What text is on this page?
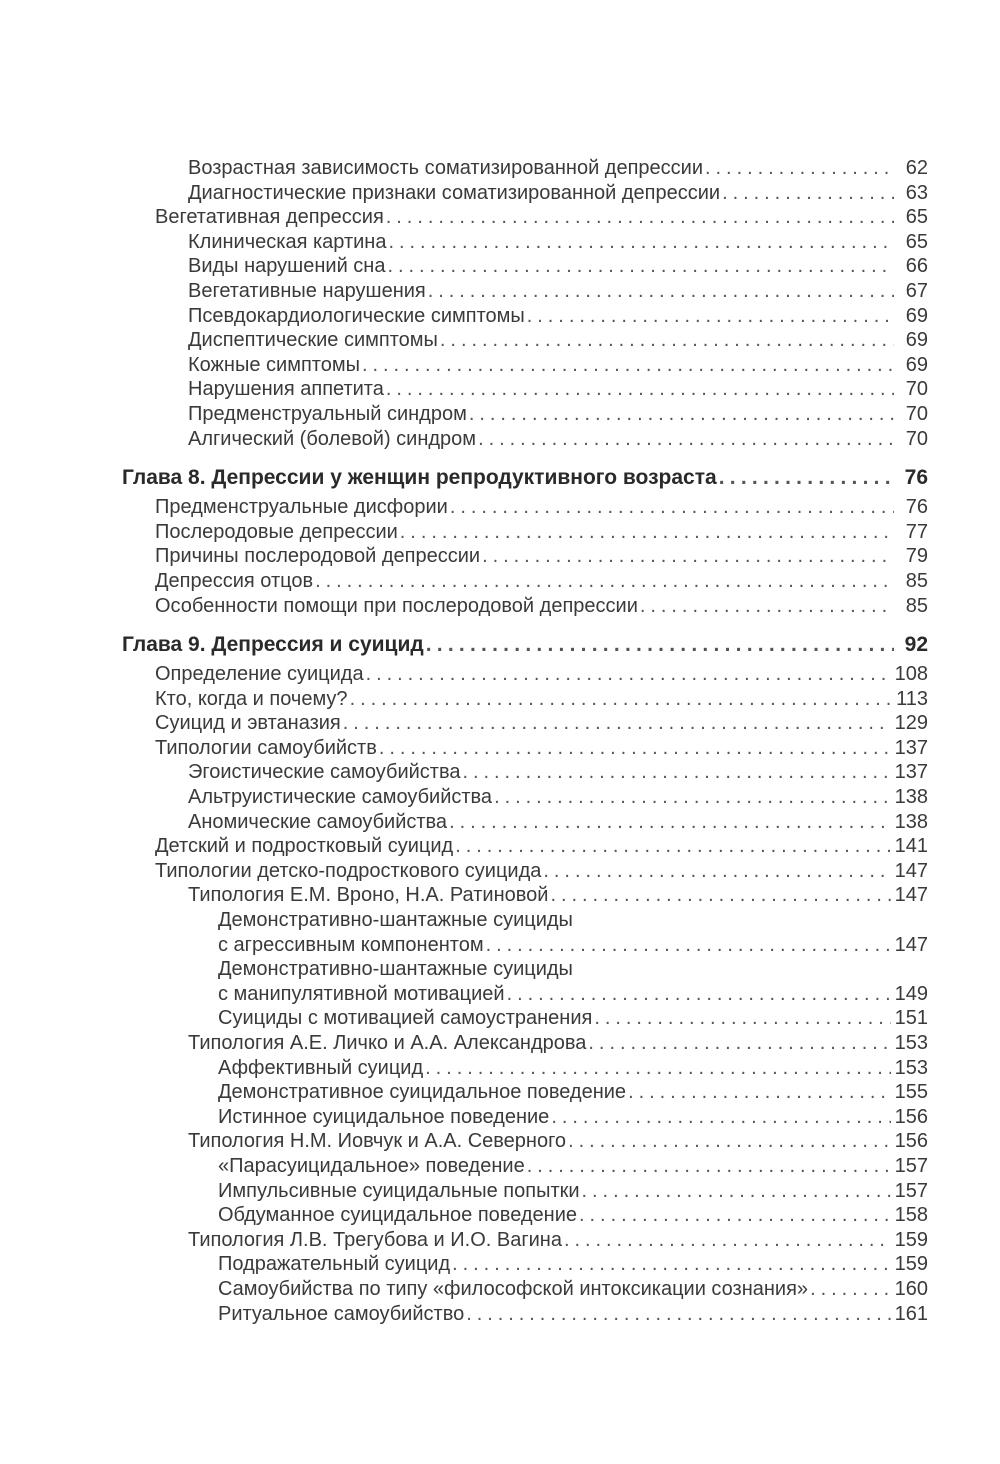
Возрастная зависимость соматизированной депрессии . . .	62
Диагностические признаки соматизированной депрессии . . .	63
Вегетативная депрессия . . .	65
Клиническая картина . . .	65
Виды нарушений сна . . .	66
Вегетативные нарушения . . .	67
Псевдокардиологические симптомы . . .	69
Диспептические симптомы . . .	69
Кожные симптомы . . .	69
Нарушения аппетита . . .	70
Предменструальный синдром . . .	70
Алгический (болевой) синдром . . .	70
Глава 8. Депрессии у женщин репродуктивного возраста . . .	76
Предменструальные дисфории . . .	76
Послеродовые депрессии . . .	77
Причины послеродовой депрессии . . .	79
Депрессия отцов . . .	85
Особенности помощи при послеродовой депрессии . . .	85
Глава 9. Депрессия и суицид . . .	92
Определение суицида . . .	108
Кто, когда и почему? . . .	113
Суицид и эвтаназия . . .	129
Типологии самоубийств . . .	137
Эгоистические самоубийства . . .	137
Альтруистические самоубийства . . .	138
Аномические самоубийства . . .	138
Детский и подростковый суицид . . .	141
Типологии детско-подросткового суицида . . .	147
Типология Е.М. Вроно, Н.А. Ратиновой . . .	147
Демонстративно-шантажные суициды
с агрессивным компонентом . . .	147
Демонстративно-шантажные суициды
с манипулятивной мотивацией . . .	149
Суициды с мотивацией самоустранения . . .	151
Типология А.Е. Личко и А.А. Александрова . . .	153
Аффективный суицид . . .	153
Демонстративное суицидальное поведение . . .	155
Истинное суицидальное поведение . . .	156
Типология Н.М. Иовчук и А.А. Северного . . .	156
«Парасуицидальное» поведение . . .	157
Импульсивные суицидальные попытки . . .	157
Обдуманное суицидальное поведение . . .	158
Типология Л.В. Трегубова и И.О. Вагина . . .	159
Подражательный суицид . . .	159
Самоубийства по типу «философской интоксикации сознания» . . .	160
Ритуальное самоубийство . . .	161
